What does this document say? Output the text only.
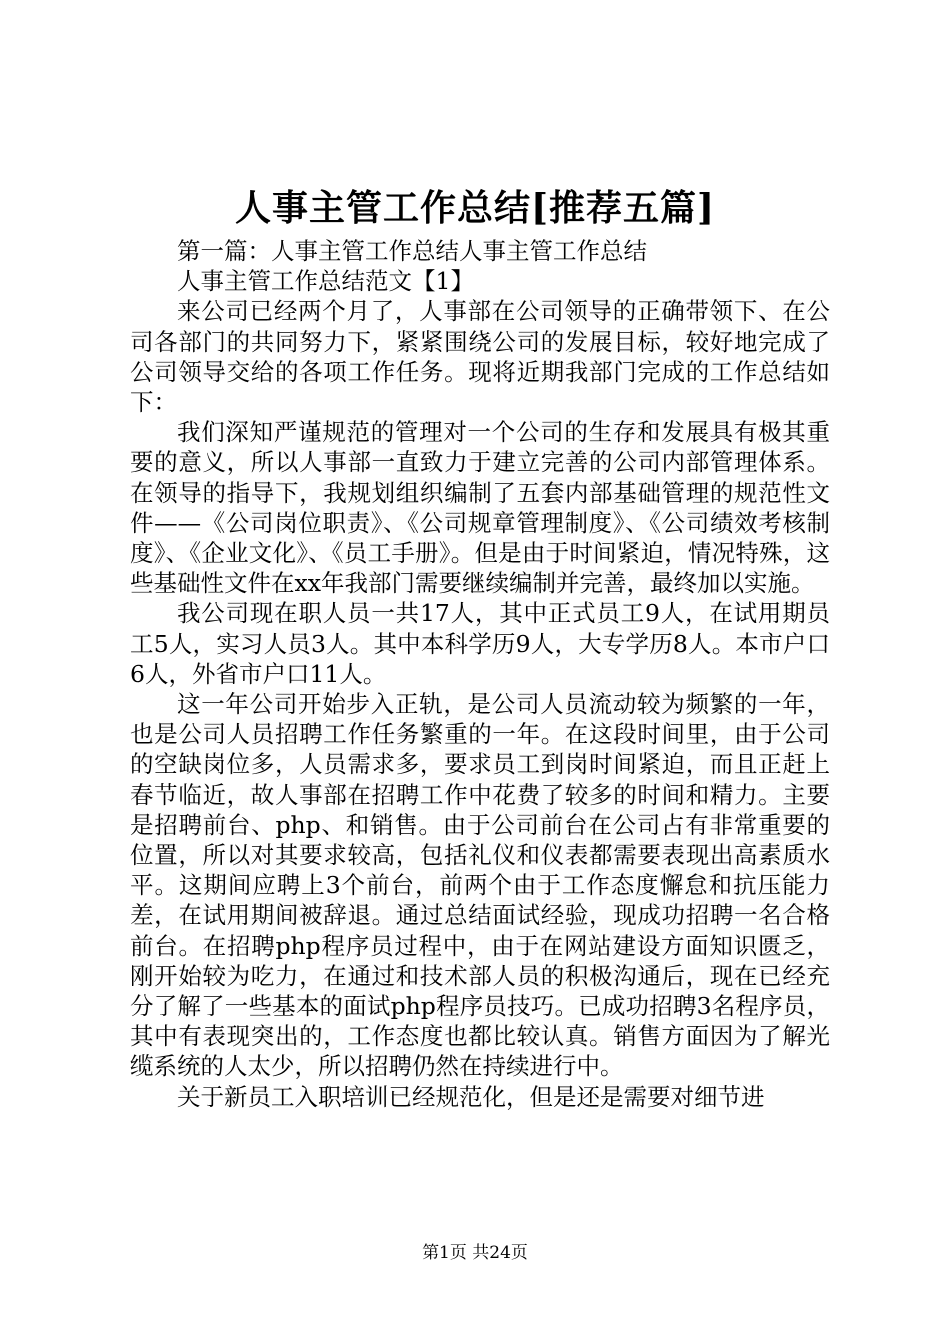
人事主管工作总结[推荐五篇]

第一篇：人事主管工作总结人事主管工作总结

人事主管工作总结范文【1】

来公司已经两个月了，人事部在公司领导的正确带领下、在公司各部门的共同努力下，紧紧围绕公司的发展目标，较好地完成了公司领导交给的各项工作任务。现将近期我部门完成的工作总结如下：

我们深知严谨规范的管理对一个公司的生存和发展具有极其重要的意义，所以人事部一直致力于建立完善的公司内部管理体系。在领导的指导下，我规划组织编制了五套内部基础管理的规范性文件——《公司岗位职责》、《公司规章管理制度》、《公司绩效考核制度》、《企业文化》、《员工手册》。但是由于时间紧迫，情况特殊，这些基础性文件在xx年我部门需要继续编制并完善，最终加以实施。

我公司现在职人员一共17人，其中正式员工9人，在试用期员工5人，实习人员3人。其中本科学历9人，大专学历8人。本市户口6人，外省市户口11人。

这一年公司开始步入正轨，是公司人员流动较为频繁的一年，也是公司人员招聘工作任务繁重的一年。在这段时间里，由于公司的空缺岗位多，人员需求多，要求员工到岗时间紧迫，而且正赶上春节临近，故人事部在招聘工作中花费了较多的时间和精力。主要是招聘前台、php、和销售。由于公司前台在公司占有非常重要的位置，所以对其要求较高，包括礼仪和仪表都需要表现出高素质水平。这期间应聘上3个前台，前两个由于工作态度懈怠和抗压能力差，在试用期间被辞退。通过总结面试经验，现成功招聘一名合格前台。在招聘php程序员过程中，由于在网站建设方面知识匮乏，刚开始较为吃力，在通过和技术部人员的积极沟通后，现在已经充分了解了一些基本的面试php程序员技巧。已成功招聘3名程序员，其中有表现突出的，工作态度也都比较认真。销售方面因为了解光缆系统的人太少，所以招聘仍然在持续进行中。

关于新员工入职培训已经规范化，但是还是需要对细节进

第1页 共24页
